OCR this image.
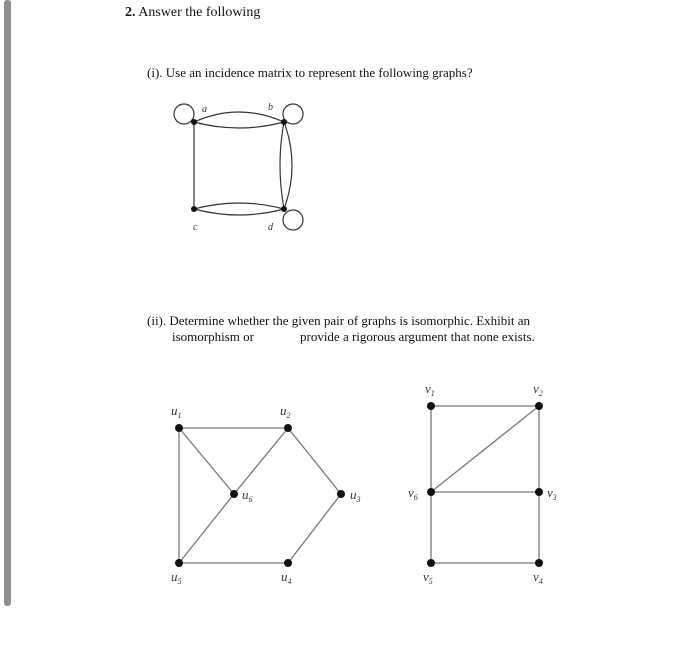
2. Answer the following
(i). Use an incidence matrix to represent the following graphs?
(ii). Determine whether the given pair of graphs is isomorphic. Exhibit an
isomorphism or	provide a rigorous argument that none exists.
a	b
c	d
$u_1$	$u_2$
$u_3$
$u_4$
$u_5$
$u_6$
$v_1$	$v_2$
$v_3$
$v_4$
$v_5$
$v_6$
